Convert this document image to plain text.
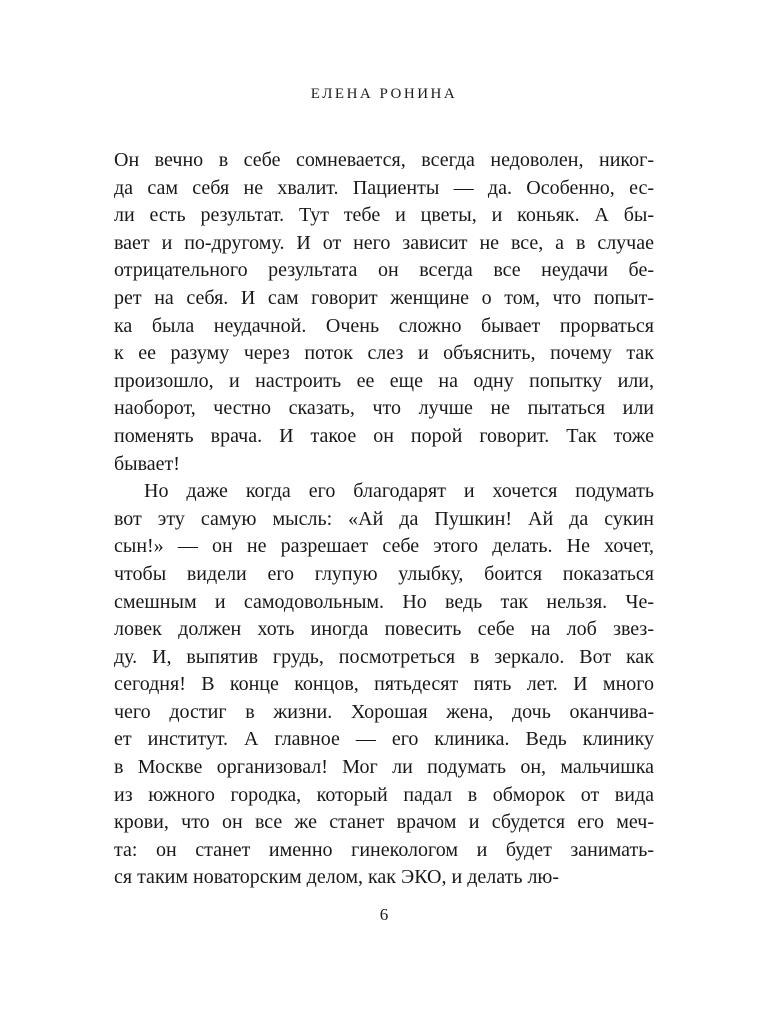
ЕЛЕНА РОНИНА
Он вечно в себе сомневается, всегда недоволен, никог-
да сам себя не хвалит. Пациенты — да. Особенно, ес-
ли есть результат. Тут тебе и цветы, и коньяк. А бы-
вает и по-другому. И от него зависит не все, а в случае
отрицательного результата он всегда все неудачи бе-
рет на себя. И сам говорит женщине о том, что попыт-
ка была неудачной. Очень сложно бывает прорваться
к ее разуму через поток слез и объяснить, почему так
произошло, и настроить ее еще на одну попытку или,
наоборот, честно сказать, что лучше не пытаться или
поменять врача. И такое он порой говорит. Так тоже
бывает!
Но даже когда его благодарят и хочется подумать
вот эту самую мысль: «Ай да Пушкин! Ай да сукин
сын!» — он не разрешает себе этого делать. Не хочет,
чтобы видели его глупую улыбку, боится показаться
смешным и самодовольным. Но ведь так нельзя. Че-
ловек должен хоть иногда повесить себе на лоб звез-
ду. И, выпятив грудь, посмотреться в зеркало. Вот как
сегодня! В конце концов, пятьдесят пять лет. И много
чего достиг в жизни. Хорошая жена, дочь оканчива-
ет институт. А главное — его клиника. Ведь клинику
в Москве организовал! Мог ли подумать он, мальчишка
из южного городка, который падал в обморок от вида
крови, что он все же станет врачом и сбудется его меч-
та: он станет именно гинекологом и будет занимать-
ся таким новаторским делом, как ЭКО, и делать лю-
6
